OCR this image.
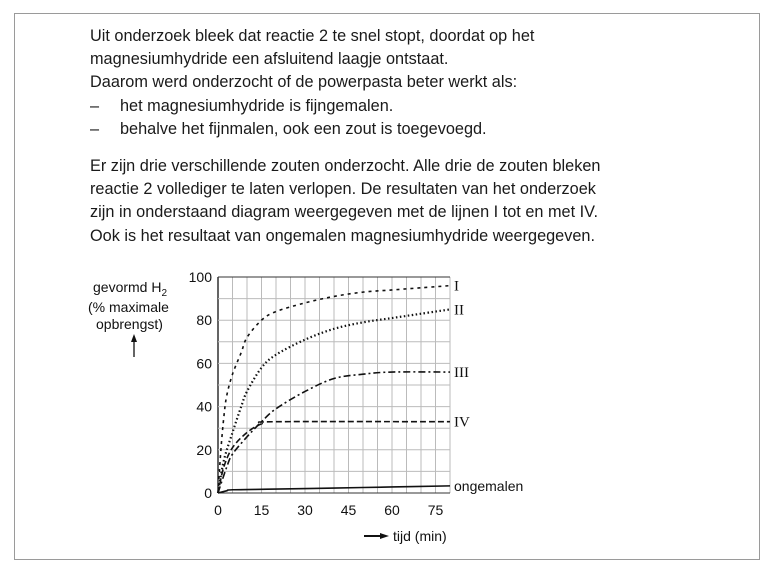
Uit onderzoek bleek dat reactie 2 te snel stopt, doordat op het

magnesiumhydride een afsluitend laagje ontstaat.

Daarom werd onderzocht of de powerpasta beter werkt als:

–	het magnesiumhydride is fijngemalen.
–	behalve het fijnmalen, ook een zout is toegevoegd.

Er zijn drie verschillende zouten onderzocht. Alle drie de zouten bleken

reactie 2 vollediger te laten verlopen. De resultaten van het onderzoek

zijn in onderstaand diagram weergegeven met de lijnen I tot en met IV.

Ook is het resultaat van ongemalen magnesiumhydride weergegeven.

0
20
40
60
80
100
0 15 30 45 60 75
I
II
III
IV
ongemalen
gevormd $H_2$
(% maximale
opbrengst)
tijd (min)
